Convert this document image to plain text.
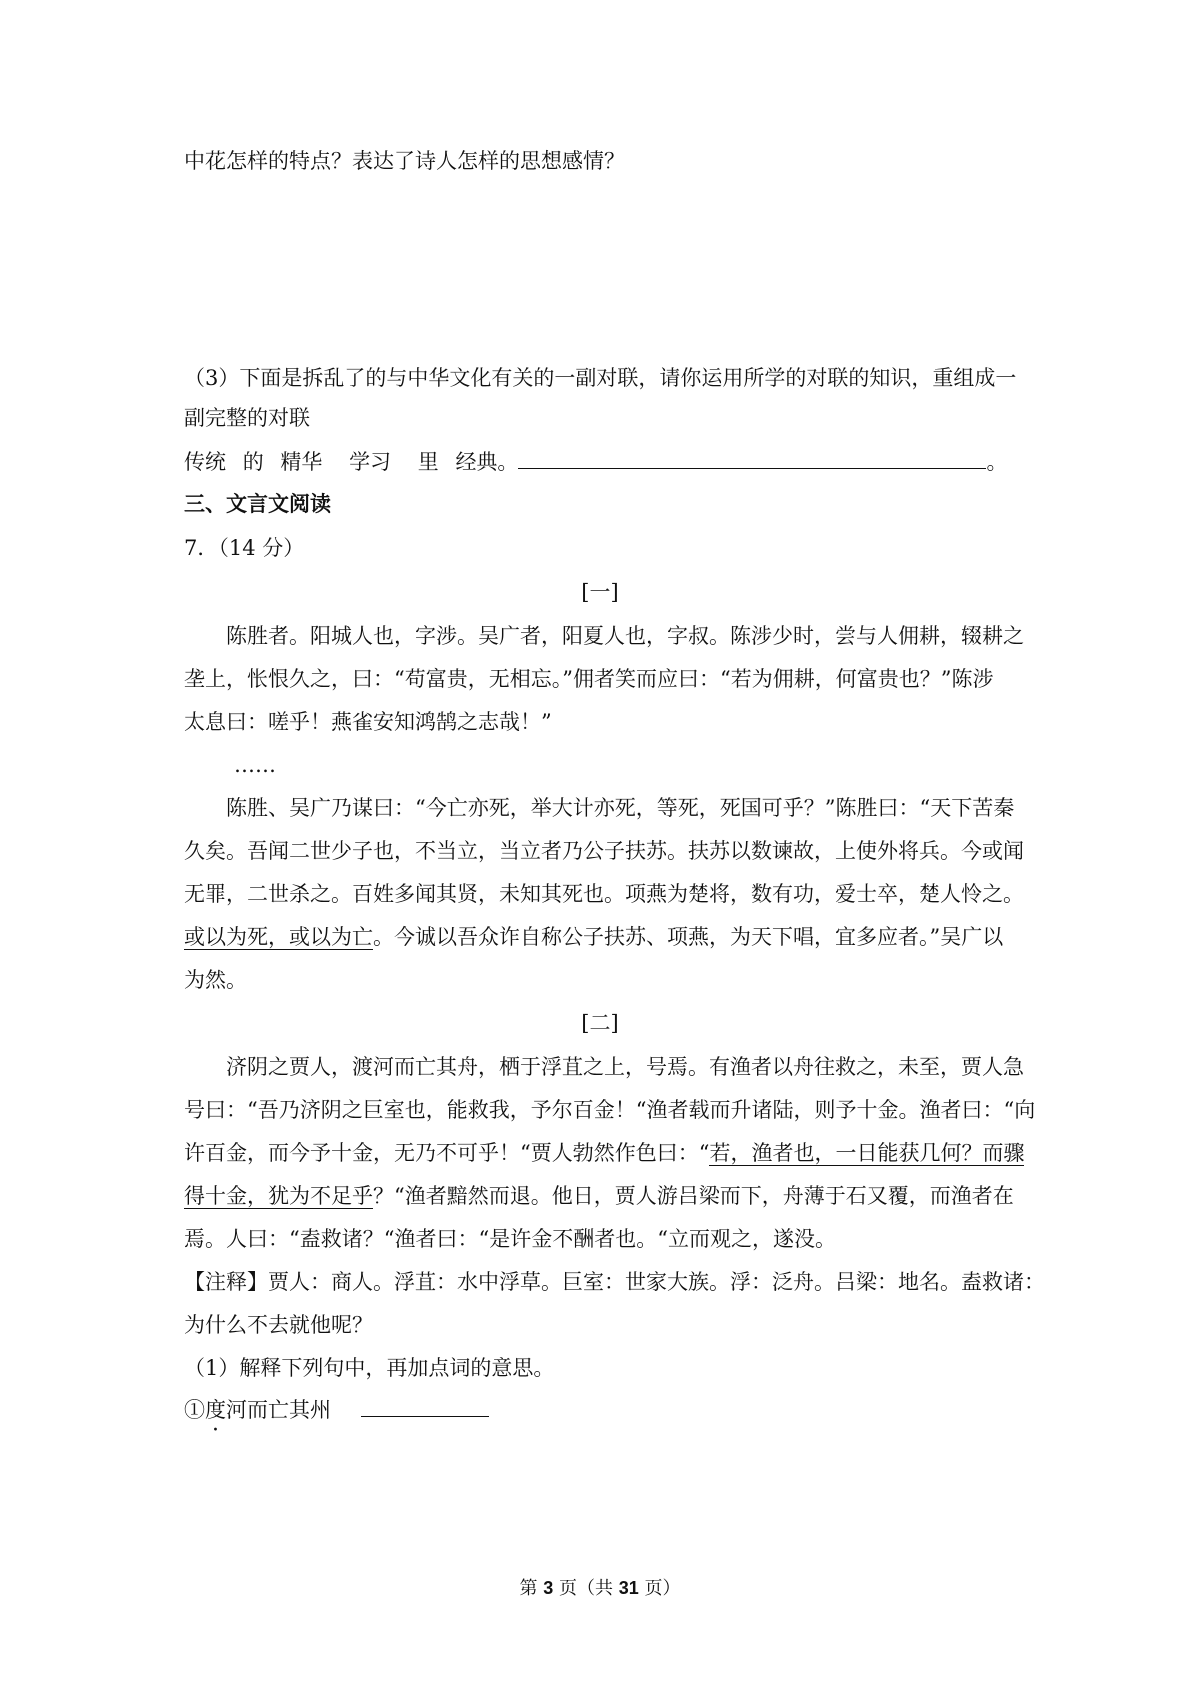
中花怎样的特点？表达了诗人怎样的思想感情？
（3）下面是拆乱了的与中华文化有关的一副对联，请你运用所学的对联的知识，重组成一
副完整的对联
传统 的 精华 学习 里 经典。	。
三、文言文阅读
7．（14 分）
[一]
陈胜者。阳城人也，字涉。吴广者，阳夏人也，字叔。陈涉少时，尝与人佣耕，辍耕之
垄上，怅恨久之，曰：“苟富贵，无相忘。”佣者笑而应曰：“若为佣耕，何富贵也？”陈涉
太息曰：嗟乎！燕雀安知鸿鹄之志哉！”
……
陈胜、吴广乃谋曰：“今亡亦死，举大计亦死，等死，死国可乎？”陈胜曰：“天下苦秦
久矣。吾闻二世少子也，不当立，当立者乃公子扶苏。扶苏以数谏故，上使外将兵。今或闻
无罪，二世杀之。百姓多闻其贤，未知其死也。项燕为楚将，数有功，爱士卒，楚人怜之。
或以为死，或以为亡。今诚以吾众诈自称公子扶苏、项燕，为天下唱，宜多应者。”吴广以
为然。
[二]
济阴之贾人，渡河而亡其舟，栖于浮苴之上，号焉。有渔者以舟往救之，未至，贾人急
号曰：“吾乃济阴之巨室也，能救我，予尔百金！“渔者载而升诸陆，则予十金。渔者曰：“向
许百金，而今予十金，无乃不可乎！“贾人勃然作色曰：“若，渔者也，一日能获几何？而骤
得十金，犹为不足乎？“渔者黯然而退。他日，贾人游吕梁而下，舟薄于石又覆，而渔者在
焉。人曰：“盍救诸？“渔者曰：“是许金不酬者也。“立而观之，遂没。
【注释】贾人：商人。浮苴：水中浮草。巨室：世家大族。浮：泛舟。吕梁：地名。盍救诸：
为什么不去就他呢？
（1）解释下列句中，再加点词的意思。
①度河而亡其州
第 3 页（共 31 页）
